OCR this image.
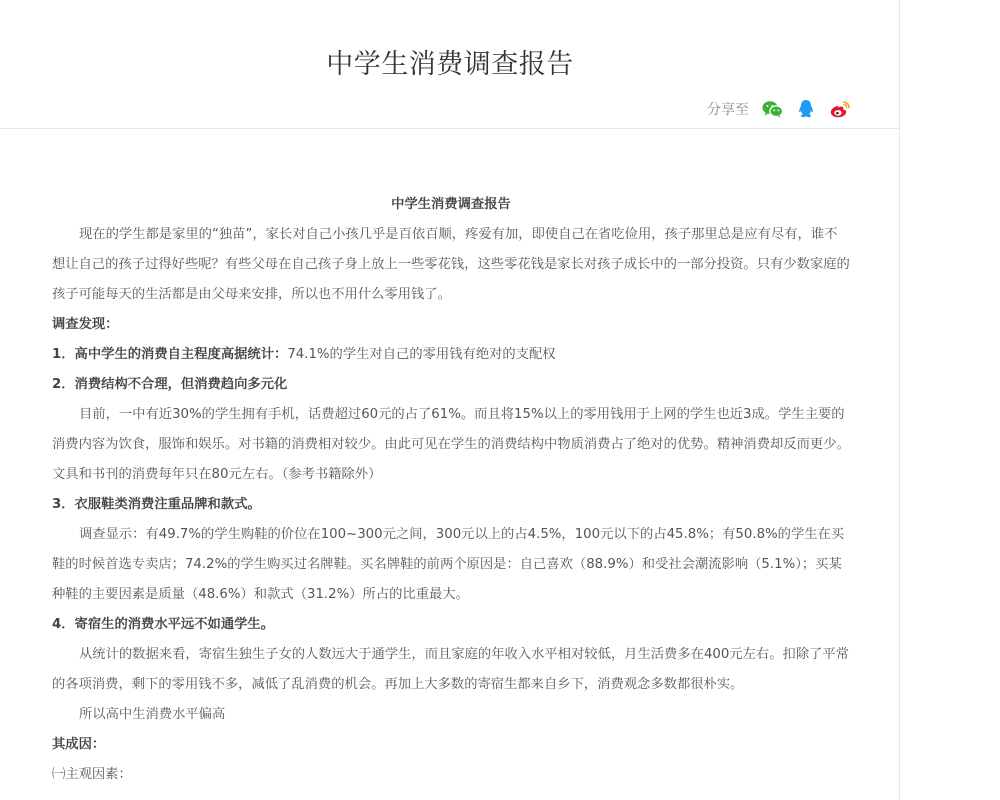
中学生消费调查报告
分享至

中学生消费调查报告

现在的学生都是家里的“独苗”，家长对自己小孩几乎是百依百顺，疼爱有加，即使自己在省吃俭用，孩子那里总是应有尽有，谁不想让自己的孩子过得好些呢？有些父母在自己孩子身上放上一些零花钱，这些零花钱是家长对孩子成长中的一部分投资。只有少数家庭的孩子可能每天的生活都是由父母来安排，所以也不用什么零用钱了。

调查发现：

1．高中学生的消费自主程度高据统计：74.1%的学生对自己的零用钱有绝对的支配权

2．消费结构不合理，但消费趋向多元化

目前，一中有近30%的学生拥有手机，话费超过60元的占了61%。而且将15%以上的零用钱用于上网的学生也近3成。学生主要的消费内容为饮食，服饰和娱乐。对书籍的消费相对较少。由此可见在学生的消费结构中物质消费占了绝对的优势。精神消费却反而更少。文具和书刊的消费每年只在80元左右。（参考书籍除外）

3．衣服鞋类消费注重品牌和款式。

调查显示：有49.7%的学生购鞋的价位在100~300元之间，300元以上的占4.5%，100元以下的占45.8%；有50.8%的学生在买鞋的时候首选专卖店；74.2%的学生购买过名牌鞋。买名牌鞋的前两个原因是：自己喜欢（88.9%）和受社会潮流影响（5.1%）；买某种鞋的主要因素是质量（48.6%）和款式（31.2%）所占的比重最大。

4．寄宿生的消费水平远不如通学生。

从统计的数据来看，寄宿生独生子女的人数远大于通学生，而且家庭的年收入水平相对较低，月生活费多在400元左右。扣除了平常的各项消费，剩下的零用钱不多，减低了乱消费的机会。再加上大多数的寄宿生都来自乡下，消费观念多数都很朴实。

所以高中生消费水平偏高

其成因：

㈠主观因素：
